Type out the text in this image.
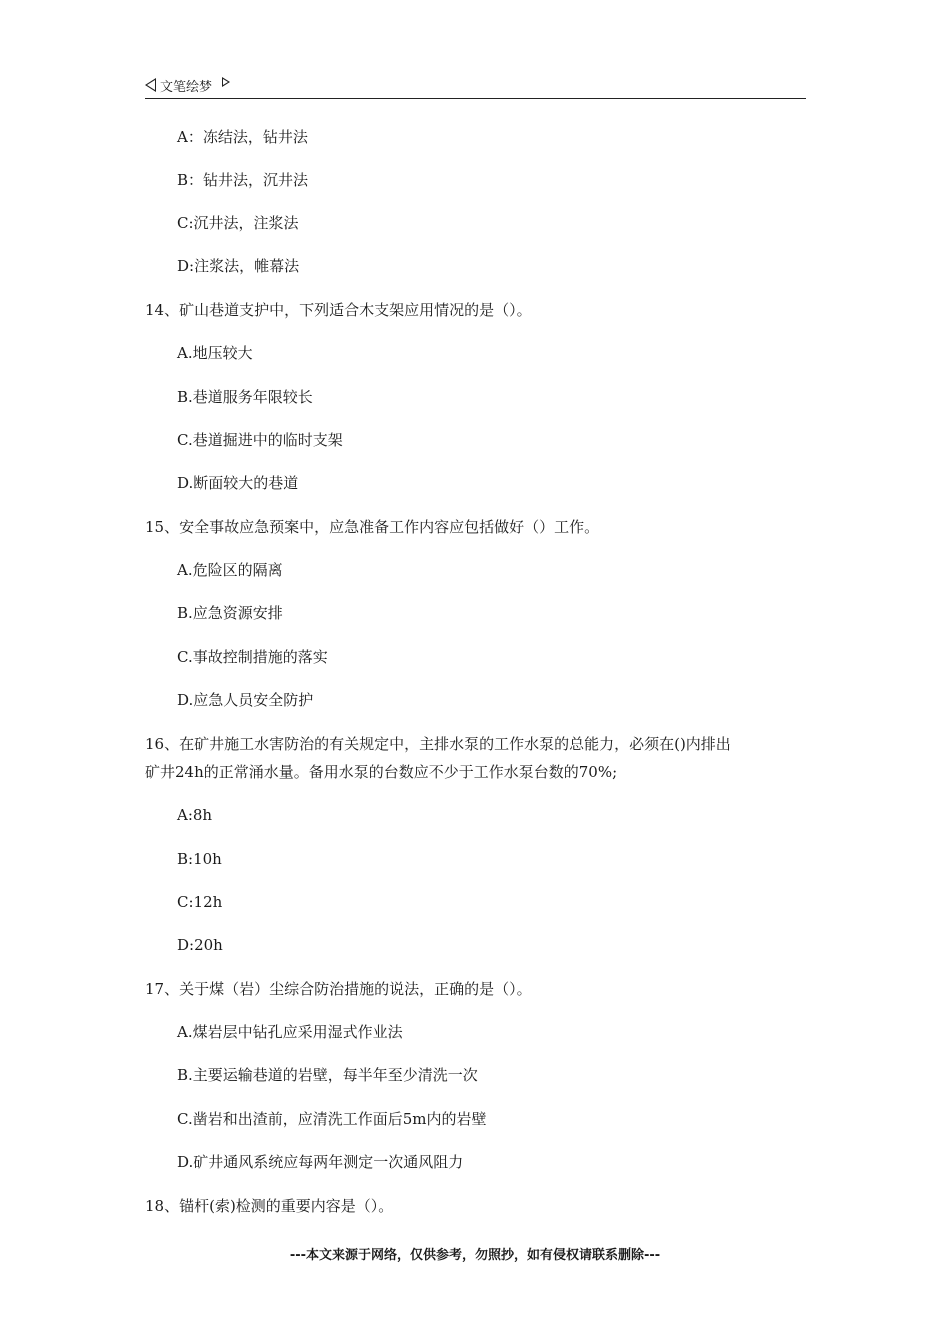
文笔绘梦
A：冻结法，钻井法
B：钻井法，沉井法
C:沉井法，注浆法
D:注浆法，帷幕法
14、矿山巷道支护中，下列适合木支架应用情况的是（）。
A.地压较大
B.巷道服务年限较长
C.巷道掘进中的临时支架
D.断面较大的巷道
15、安全事故应急预案中，应急准备工作内容应包括做好（）工作。
A.危险区的隔离
B.应急资源安排
C.事故控制措施的落实
D.应急人员安全防护
16、在矿井施工水害防治的有关规定中，主排水泵的工作水泵的总能力，必须在()内排出
矿井24h的正常涌水量。备用水泵的台数应不少于工作水泵台数的70%;
A:8h
B:10h
C:12h
D:20h
17、关于煤（岩）尘综合防治措施的说法，正确的是（）。
A.煤岩层中钻孔应采用湿式作业法
B.主要运输巷道的岩壁，每半年至少清洗一次
C.凿岩和出渣前，应清洗工作面后5m内的岩壁
D.矿井通风系统应每两年测定一次通风阻力
18、锚杆(索)检测的重要内容是（）。
---本文来源于网络，仅供参考，勿照抄，如有侵权请联系删除---
